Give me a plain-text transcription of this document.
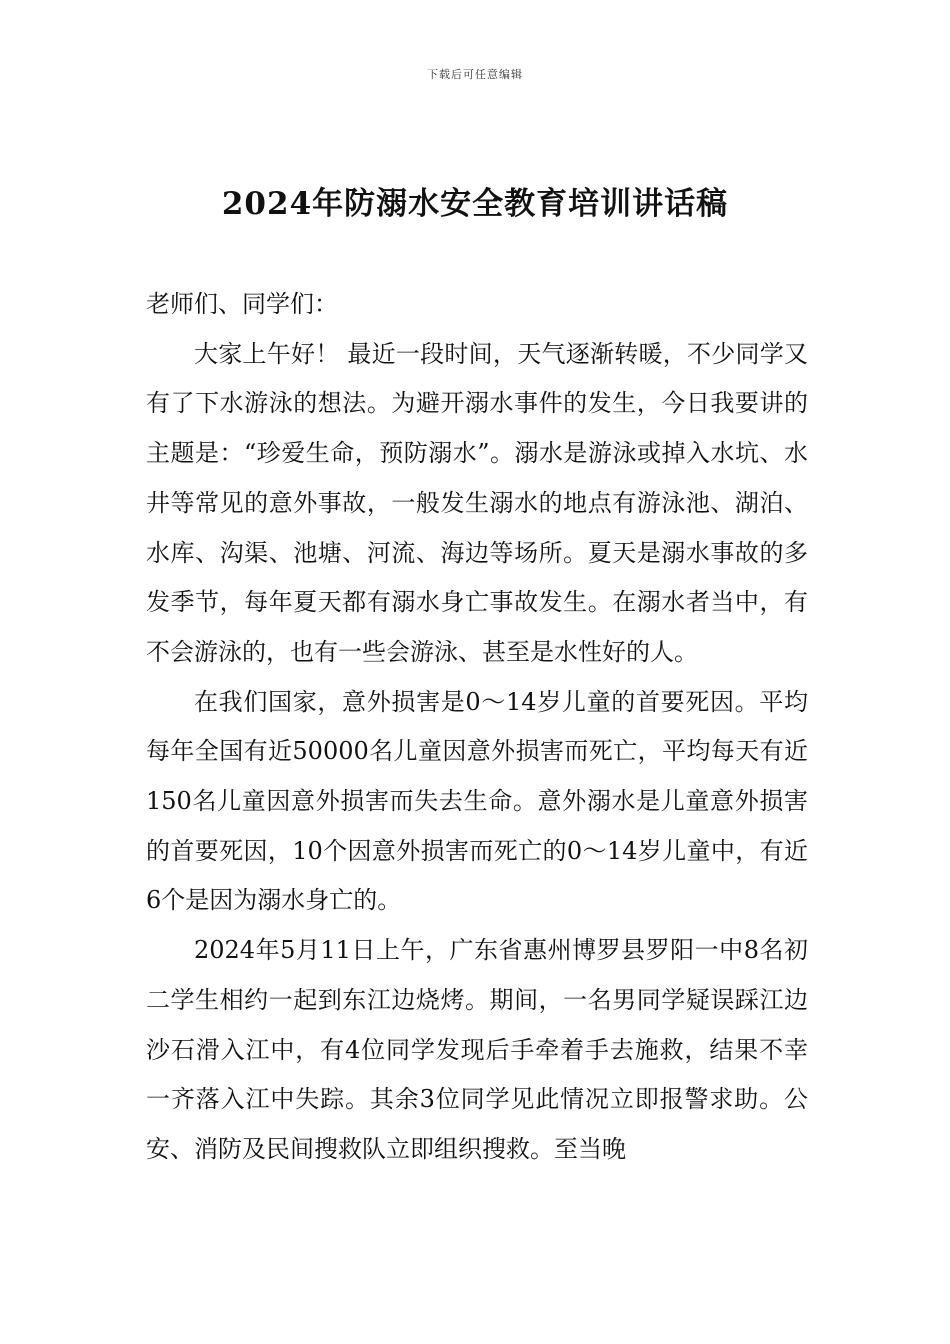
下载后可任意编辑
2024年防溺水安全教育培训讲话稿

老师们、同学们：

大家上午好！ 最近一段时间，天气逐渐转暖，不少同学又有了下水游泳的想法。为避开溺水事件的发生，今日我要讲的主题是：“珍爱生命，预防溺水”。溺水是游泳或掉入水坑、水井等常见的意外事故，一般发生溺水的地点有游泳池、湖泊、水库、沟渠、池塘、河流、海边等场所。夏天是溺水事故的多发季节，每年夏天都有溺水身亡事故发生。在溺水者当中，有不会游泳的，也有一些会游泳、甚至是水性好的人。

在我们国家，意外损害是0～14岁儿童的首要死因。平均每年全国有近50000名儿童因意外损害而死亡，平均每天有近150名儿童因意外损害而失去生命。意外溺水是儿童意外损害的首要死因，10个因意外损害而死亡的0～14岁儿童中，有近6个是因为溺水身亡的。

2024年5月11日上午，广东省惠州博罗县罗阳一中8名初二学生相约一起到东江边烧烤。期间，一名男同学疑误踩江边沙石滑入江中，有4位同学发现后手牵着手去施救，结果不幸一齐落入江中失踪。其余3位同学见此情况立即报警求助。公安、消防及民间搜救队立即组织搜救。至当晚
